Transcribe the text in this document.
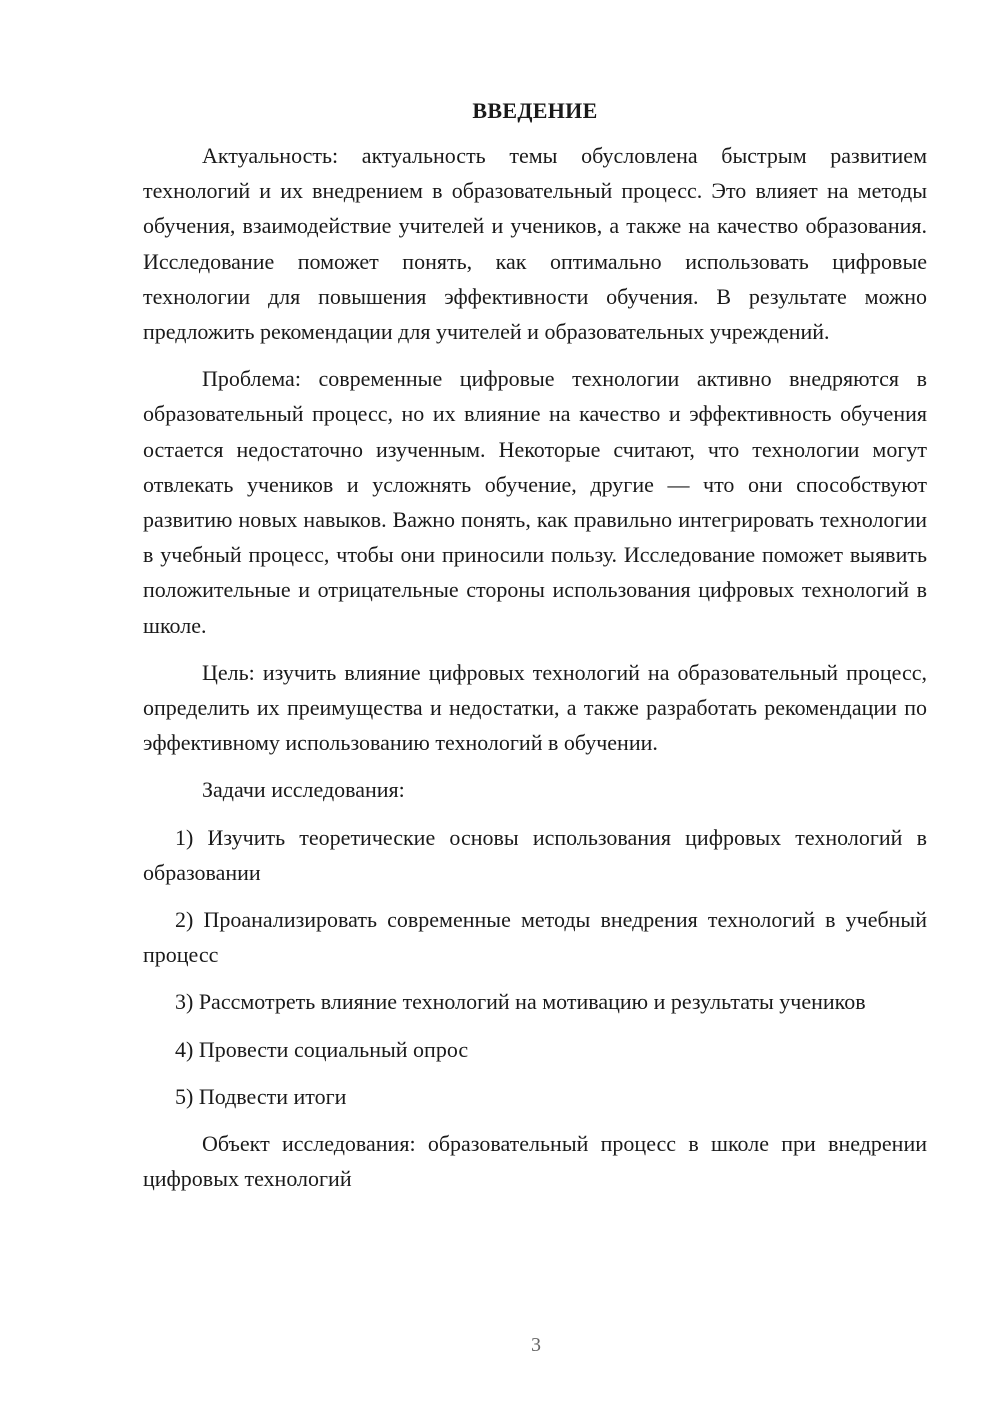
ВВЕДЕНИЕ

Актуальность: актуальность темы обусловлена быстрым развитием технологий и их внедрением в образовательный процесс. Это влияет на методы обучения, взаимодействие учителей и учеников, а также на качество образования. Исследование поможет понять, как оптимально использовать цифровые технологии для повышения эффективности обучения. В результате можно предложить рекомендации для учителей и образовательных учреждений.

Проблема: современные цифровые технологии активно внедряются в образовательный процесс, но их влияние на качество и эффективность обучения остается недостаточно изученным. Некоторые считают, что технологии могут отвлекать учеников и усложнять обучение, другие — что они способствуют развитию новых навыков. Важно понять, как правильно интегрировать технологии в учебный процесс, чтобы они приносили пользу. Исследование поможет выявить положительные и отрицательные стороны использования цифровых технологий в школе.

Цель: изучить влияние цифровых технологий на образовательный процесс, определить их преимущества и недостатки, а также разработать рекомендации по эффективному использованию технологий в обучении.

Задачи исследования:

1) Изучить теоретические основы использования цифровых технологий в образовании

2) Проанализировать современные методы внедрения технологий в учебный процесс

3) Рассмотреть влияние технологий на мотивацию и результаты учеников

4) Провести социальный опрос

5) Подвести итоги

Объект исследования: образовательный процесс в школе при внедрении цифровых технологий

3
